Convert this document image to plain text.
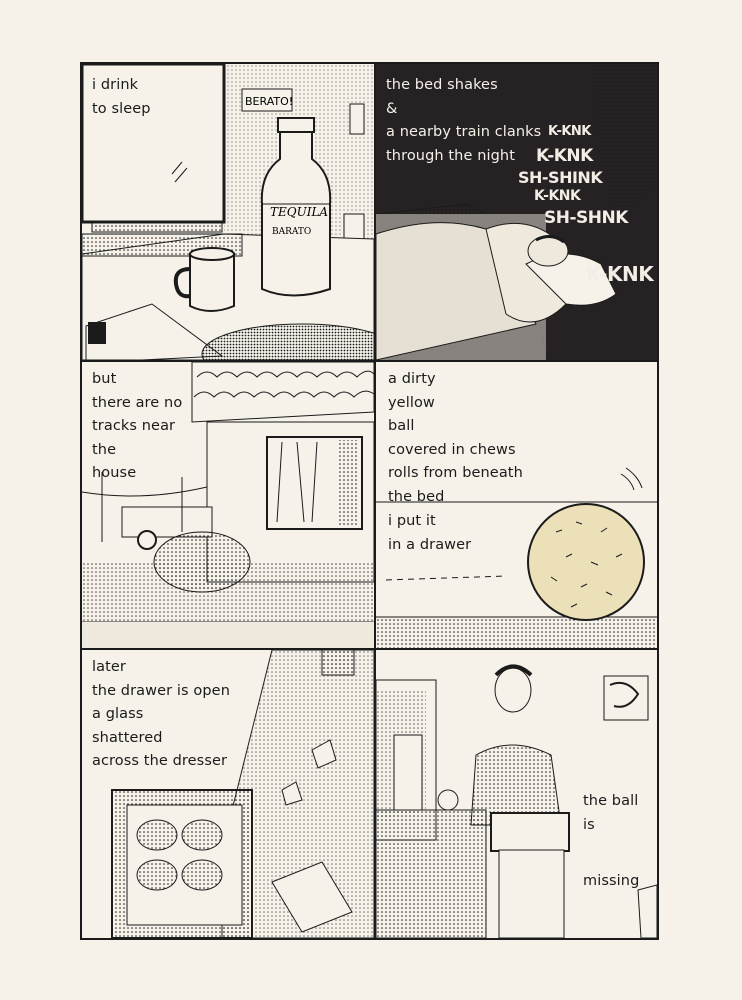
BERATO!
TEQUILA
BARATO
i drink
to sleep
the bed shakes
&
a nearby train clanks
through the night
K-KNK
K-KNK
SH-SHINK
K-KNK
SH-SHNK
K-KNK
but
there are no
tracks near
the
house
a dirty
yellow
ball
covered in chews
rolls from beneath
the bed
i put it
in a drawer
later
the drawer is open
a glass
shattered
across the dresser
the ball
is
missing
